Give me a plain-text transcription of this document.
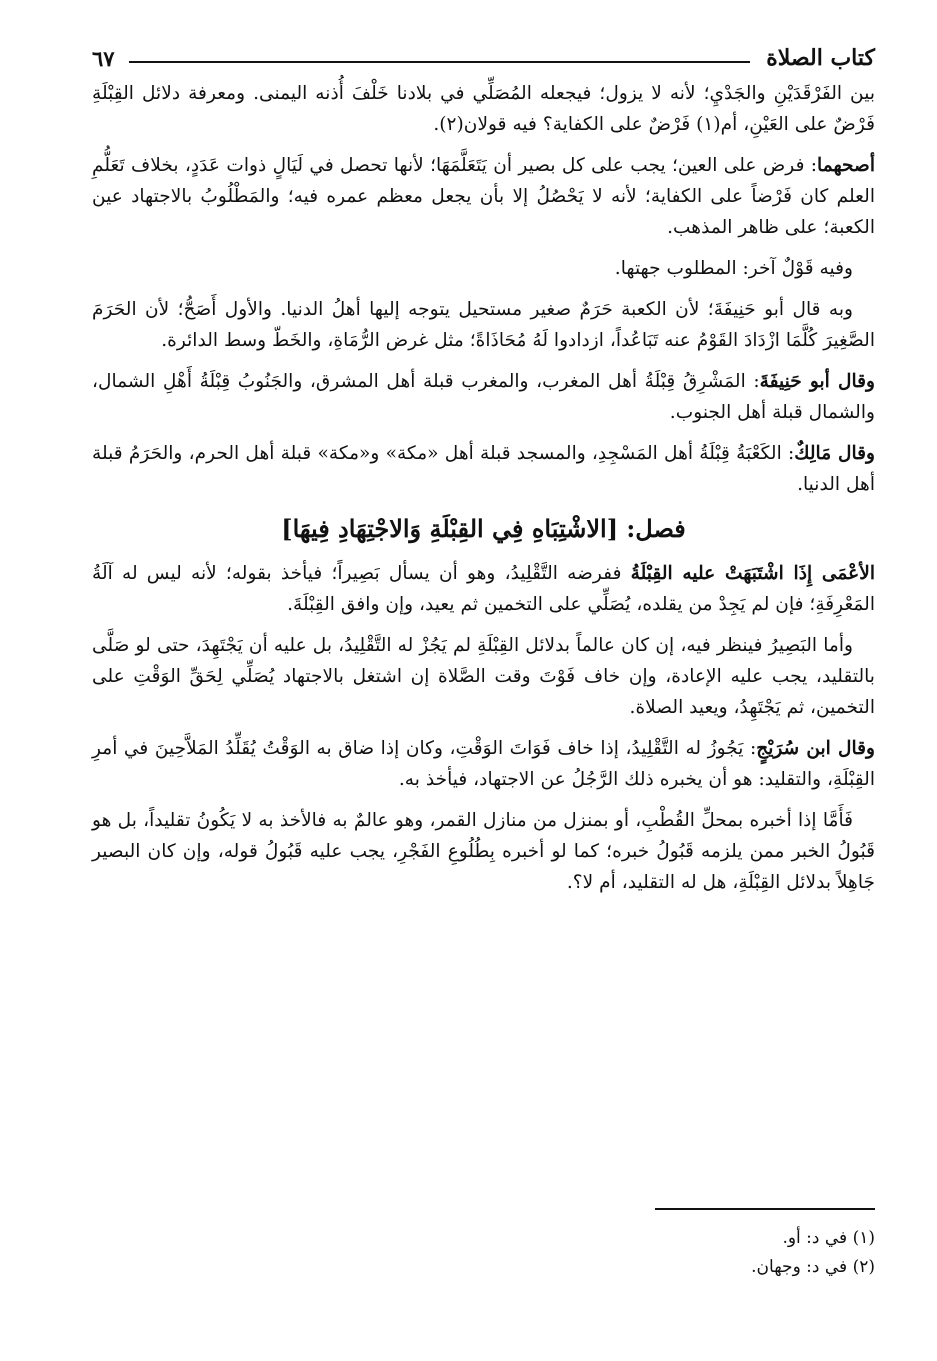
كتاب الصلاة
٦٧

بين الفَرْقَدَيْنِ والجَدْيِ؛ لأنه لا يزول؛ فيجعله المُصَلِّي في بلادنا خَلْفَ أُذنه اليمنى. ومعرفة دلائل القِبْلَةِ فَرْضٌ على العَيْنِ، أم(١) فَرْضٌ على الكفاية؟ فيه قولان(٢).

أصحهما: فرض على العين؛ يجب على كل بصير أن يَتَعَلَّمَهَا؛ لأنها تحصل في لَيَالٍ ذوات عَدَدٍ، بخلاف تَعَلُّمِ العلم كان فَرْضاً على الكفاية؛ لأنه لا يَحْصُلُ إلا بأن يجعل معظم عمره فيه؛ والمَطْلُوبُ بالاجتهاد عين الكعبة؛ على ظاهر المذهب.

وفيه قَوْلٌ آخر: المطلوب جهتها.

وبه قال أبو حَنِيفَةَ؛ لأن الكعبة حَرَمٌ صغير مستحيل يتوجه إليها أهلُ الدنيا. والأول أَصَحُّ؛ لأن الحَرَمَ الصَّغِيرَ كُلَّمَا ازْدَادَ القَوْمُ عنه تَبَاعُداً، ازدادوا لَهُ مُحَاذَاةً؛ مثل غرض الرُّمَاةِ، والخَطّ وسط الدائرة.

وقال أبو حَنِيفَةَ: المَشْرِقُ قِبْلَةُ أهل المغرب، والمغرب قبلة أهل المشرق، والجَنُوبُ قِبْلَةُ أَهْلِ الشمال، والشمال قبلة أهل الجنوب.

وقال مَالِكٌ: الكَعْبَةُ قِبْلَةُ أهل المَسْجِدِ، والمسجد قبلة أهل «مكة» و«مكة» قبلة أهل الحرم، والحَرَمُ قبلة أهل الدنيا.

فصل: [الاشْتِبَاهِ فِي القِبْلَةِ وَالاجْتِهَادِ فِيهَا]

الأعْمَى إِذَا اشْتَبَهَتْ عليه القِبْلَةُ ففرضه التَّقْلِيدُ، وهو أن يسأل بَصِيراً؛ فيأخذ بقوله؛ لأنه ليس له آلَةُ المَعْرِفَةِ؛ فإن لم يَجِدْ من يقلده، يُصَلِّي على التخمين ثم يعيد، وإن وافق القِبْلَةَ.

وأما البَصِيرُ فينظر فيه، إن كان عالماً بدلائل القِبْلَةِ لم يَجُزْ له التَّقْلِيدُ، بل عليه أن يَجْتَهِدَ، حتى لو صَلَّى بالتقليد، يجب عليه الإعادة، وإن خاف فَوْتَ وقت الصَّلاة إن اشتغل بالاجتهاد يُصَلِّي لِحَقِّ الوَقْتِ على التخمين، ثم يَجْتَهِدُ، ويعيد الصلاة.

وقال ابن سُرَيْجٍ: يَجُوزُ له التَّقْلِيدُ، إذا خاف فَوَاتَ الوَقْتِ، وكان إذا ضاق به الوَقْتُ يُقَلِّدُ المَلاَّحِينَ في أمرِ القِبْلَةِ، والتقليد: هو أن يخبره ذلك الرَّجُلُ عن الاجتهاد، فيأخذ به.

فَأَمَّا إذا أخبره بمحلِّ القُطْبِ، أو بمنزل من منازل القمر، وهو عالمٌ به فالأخذ به لا يَكُونُ تقليداً، بل هو قَبُولُ الخبر ممن يلزمه قَبُولُ خبره؛ كما لو أخبره بِطُلُوعِ الفَجْرِ، يجب عليه قَبُولُ قوله، وإن كان البصير جَاهِلاً بدلائل القِبْلَةِ، هل له التقليد، أم لا؟.

(١) في د: أو.
(٢) في د: وجهان.
